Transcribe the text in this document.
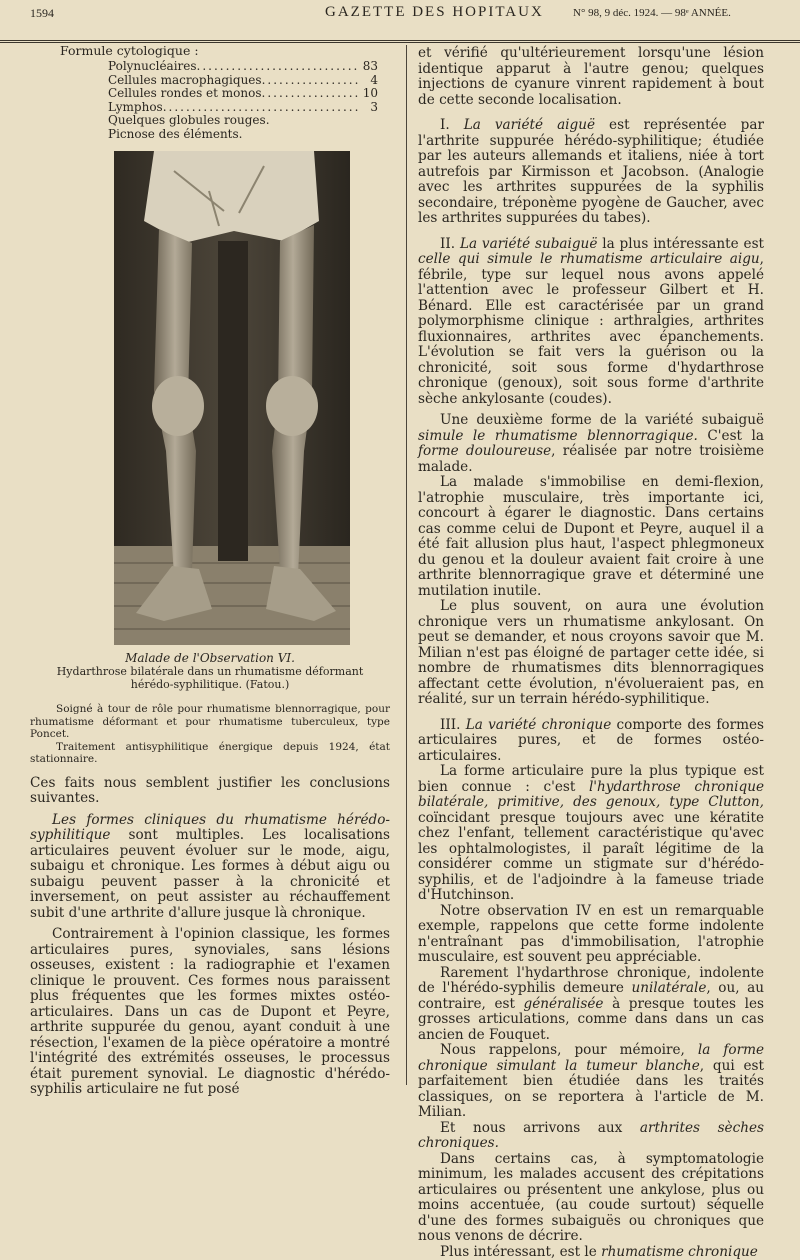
1594	GAZETTE DES HOPITAUX	N° 98, 9 déc. 1924. — 98ᵉ ANNÉE.
Formule cytologique :
Polynucléaires .....	83
Cellules macrophagiques .....	4
Cellules rondes et monos .....	10
Lymphos .....	3
Quelques globules rouges.
Picnose des éléments.
Malade de l'Observation VI.
Hydarthrose bilatérale dans un rhumatisme déformant hérédo-syphilitique. (Fatou.)

Soigné à tour de rôle pour rhumatisme blennorragique, pour rhumatisme déformant et pour rhumatisme tuberculeux, type Poncet.

Traitement antisyphilitique énergique depuis 1924, état stationnaire.

Ces faits nous semblent justifier les conclusions suivantes.

Les formes cliniques du rhumatisme hérédo-syphilitique sont multiples. Les localisations articulaires peuvent évoluer sur le mode, aigu, subaigu et chronique. Les formes à début aigu ou subaigu peuvent passer à la chronicité et inversement, on peut assister au réchauffement subit d'une arthrite d'allure jusque là chronique.

Contrairement à l'opinion classique, les formes articulaires pures, synoviales, sans lésions osseuses, existent : la radiographie et l'examen clinique le prouvent. Ces formes nous paraissent plus fréquentes que les formes mixtes ostéo-articulaires. Dans un cas de Dupont et Peyre, arthrite suppurée du genou, ayant conduit à une résection, l'examen de la pièce opératoire a montré l'intégrité des extrémités osseuses, le processus était purement synovial. Le diagnostic d'hérédo-syphilis articulaire ne fut posé

et vérifié qu'ultérieurement lorsqu'une lésion identique apparut à l'autre genou; quelques injections de cyanure vinrent rapidement à bout de cette seconde localisation.

I. La variété aiguë est représentée par l'arthrite suppurée hérédo-syphilitique; étudiée par les auteurs allemands et italiens, niée à tort autrefois par Kirmisson et Jacobson. (Analogie avec les arthrites suppurées de la syphilis secondaire, tréponème pyogène de Gaucher, avec les arthrites suppurées du tabes).

II. La variété subaiguë la plus intéressante est celle qui simule le rhumatisme articulaire aigu, fébrile, type sur lequel nous avons appelé l'attention avec le professeur Gilbert et H. Bénard. Elle est caractérisée par un grand polymorphisme clinique : arthralgies, arthrites fluxionnaires, arthrites avec épanchements. L'évolution se fait vers la guérison ou la chronicité, soit sous forme d'hydarthrose chronique (genoux), soit sous forme d'arthrite sèche ankylosante (coudes).

Une deuxième forme de la variété subaiguë simule le rhumatisme blennorragique. C'est la forme douloureuse, réalisée par notre troisième malade.

La malade s'immobilise en demi-flexion, l'atrophie musculaire, très importante ici, concourt à égarer le diagnostic. Dans certains cas comme celui de Dupont et Peyre, auquel il a été fait allusion plus haut, l'aspect phlegmoneux du genou et la douleur avaient fait croire à une arthrite blennorragique grave et déterminé une mutilation inutile.

Le plus souvent, on aura une évolution chronique vers un rhumatisme ankylosant. On peut se demander, et nous croyons savoir que M. Milian n'est pas éloigné de partager cette idée, si nombre de rhumatismes dits blennorragiques affectant cette évolution, n'évolueraient pas, en réalité, sur un terrain hérédo-syphilitique.

III. La variété chronique comporte des formes articulaires pures, et de formes ostéo-articulaires.

La forme articulaire pure la plus typique est bien connue : c'est l'hydarthrose chronique bilatérale, primitive, des genoux, type Clutton, coïncidant presque toujours avec une kératite chez l'enfant, tellement caractéristique qu'avec les ophtalmologistes, il paraît légitime de la considérer comme un stigmate sur d'hérédo-syphilis, et de l'adjoindre à la fameuse triade d'Hutchinson.

Notre observation IV en est un remarquable exemple, rappelons que cette forme indolente n'entraînant pas d'immobilisation, l'atrophie musculaire, est souvent peu appréciable.

Rarement l'hydarthrose chronique, indolente de l'hérédo-syphilis demeure unilatérale, ou, au contraire, est généralisée à presque toutes les grosses articulations, comme dans dans un cas ancien de Fouquet.

Nous rappelons, pour mémoire, la forme chronique simulant la tumeur blanche, qui est parfaitement bien étudiée dans les traités classiques, on se reportera à l'article de M. Milian.

Et nous arrivons aux arthrites sèches chroniques.

Dans certains cas, à symptomatologie minimum, les malades accusent des crépitations articulaires ou présentent une ankylose, plus ou moins accentuée, (au coude surtout) séquelle d'une des formes subaiguës ou chroniques que nous venons de décrire.

Plus intéressant, est le rhumatisme chronique
